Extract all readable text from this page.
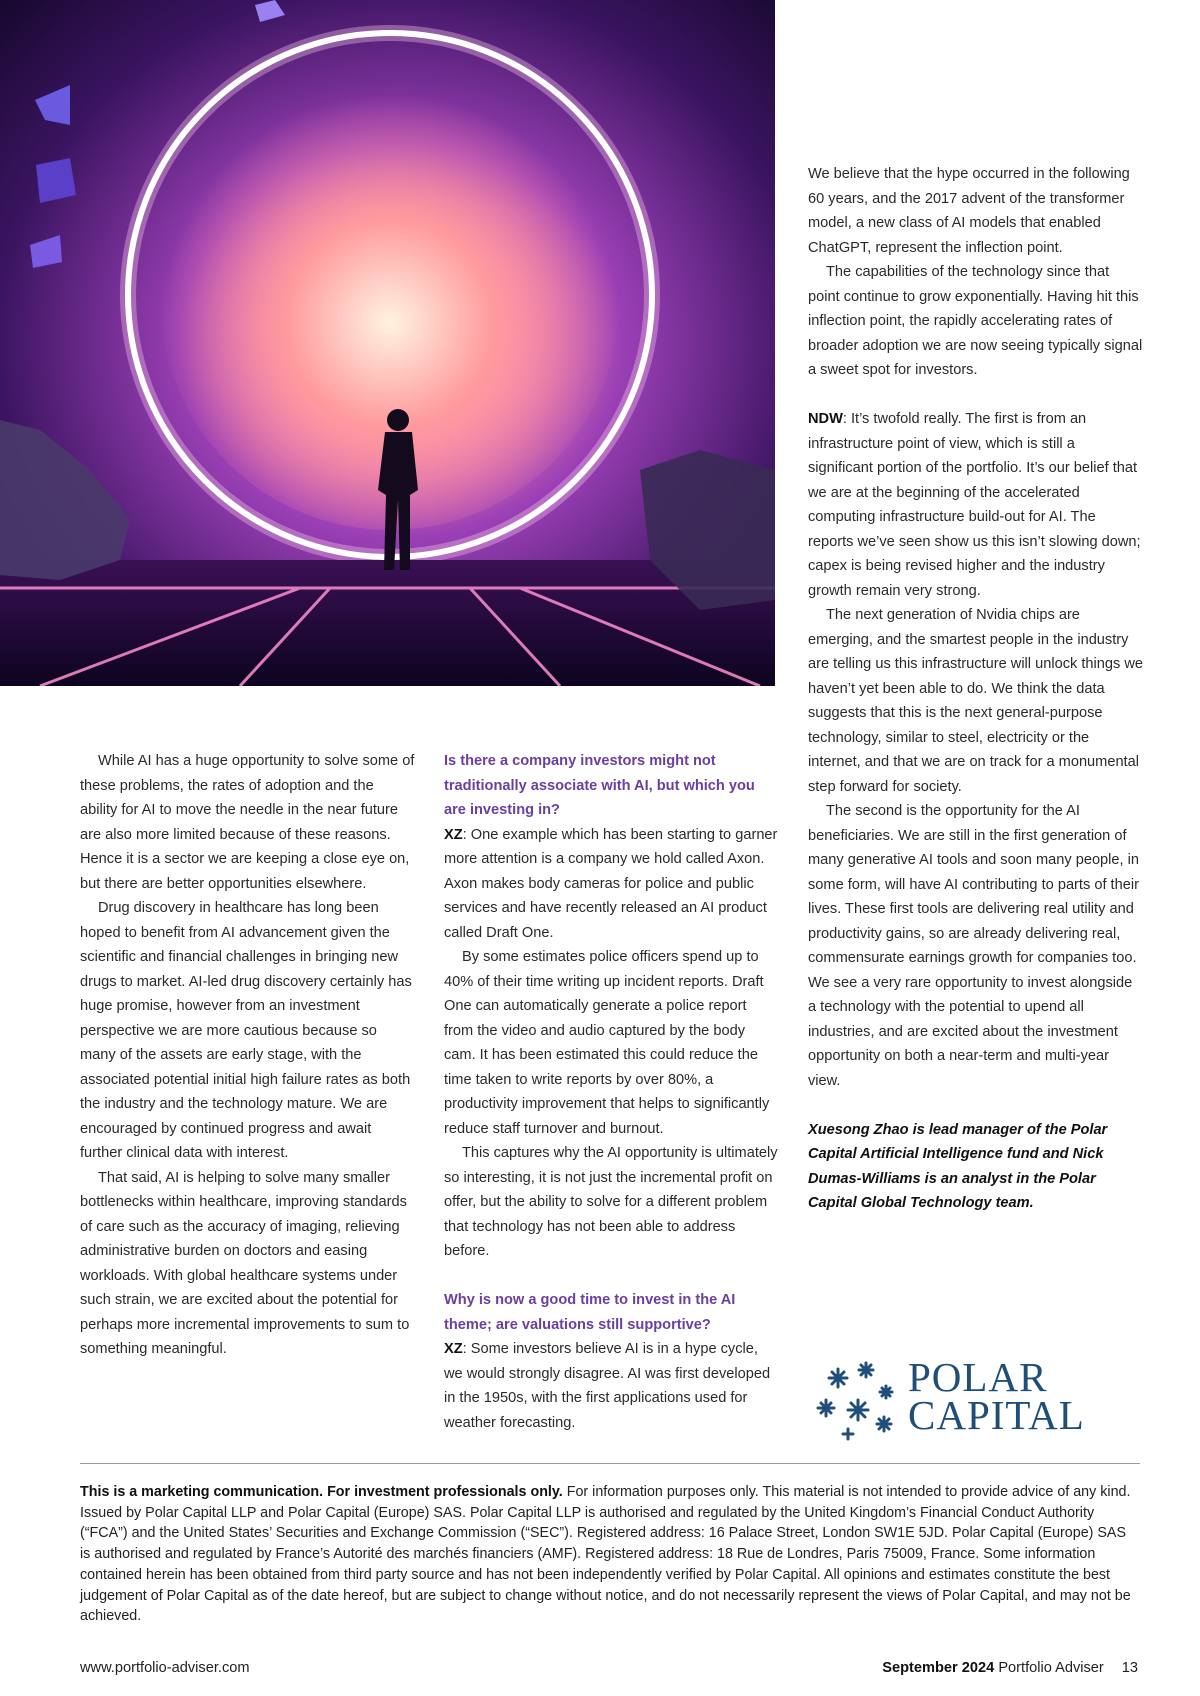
While AI has a huge opportunity to solve some of these problems, the rates of adoption and the ability for AI to move the needle in the near future are also more limited because of these reasons. Hence it is a sector we are keeping a close eye on, but there are better opportunities elsewhere.

Drug discovery in healthcare has long been hoped to benefit from AI advancement given the scientific and financial challenges in bringing new drugs to market. AI-led drug discovery certainly has huge promise, however from an investment perspective we are more cautious because so many of the assets are early stage, with the associated potential initial high failure rates as both the industry and the technology mature. We are encouraged by continued progress and await further clinical data with interest.

That said, AI is helping to solve many smaller bottlenecks within healthcare, improving standards of care such as the accuracy of imaging, relieving administrative burden on doctors and easing workloads. With global healthcare systems under such strain, we are excited about the potential for perhaps more incremental improvements to sum to something meaningful.

Is there a company investors might not traditionally associate with AI, but which you are investing in?

XZ: One example which has been starting to garner more attention is a company we hold called Axon. Axon makes body cameras for police and public services and have recently released an AI product called Draft One.

By some estimates police officers spend up to 40% of their time writing up incident reports. Draft One can automatically generate a police report from the video and audio captured by the body cam. It has been estimated this could reduce the time taken to write reports by over 80%, a productivity improvement that helps to significantly reduce staff turnover and burnout.

This captures why the AI opportunity is ultimately so interesting, it is not just the incremental profit on offer, but the ability to solve for a different problem that technology has not been able to address before.

Why is now a good time to invest in the AI theme; are valuations still supportive?

XZ: Some investors believe AI is in a hype cycle, we would strongly disagree. AI was first developed in the 1950s, with the first applications used for weather forecasting.

We believe that the hype occurred in the following 60 years, and the 2017 advent of the transformer model, a new class of AI models that enabled ChatGPT, represent the inflection point.

The capabilities of the technology since that point continue to grow exponentially. Having hit this inflection point, the rapidly accelerating rates of broader adoption we are now seeing typically signal a sweet spot for investors.

NDW: It’s twofold really. The first is from an infrastructure point of view, which is still a significant portion of the portfolio. It’s our belief that we are at the beginning of the accelerated computing infrastructure build-out for AI. The reports we’ve seen show us this isn’t slowing down; capex is being revised higher and the industry growth remain very strong.

The next generation of Nvidia chips are emerging, and the smartest people in the industry are telling us this infrastructure will unlock things we haven’t yet been able to do. We think the data suggests that this is the next general-purpose technology, similar to steel, electricity or the internet, and that we are on track for a monumental step forward for society.

The second is the opportunity for the AI beneficiaries. We are still in the first generation of many generative AI tools and soon many people, in some form, will have AI contributing to parts of their lives. These first tools are delivering real utility and productivity gains, so are already delivering real, commensurate earnings growth for companies too. We see a very rare opportunity to invest alongside a technology with the potential to upend all industries, and are excited about the investment opportunity on both a near-term and multi-year view.

Xuesong Zhao is lead manager of the Polar Capital Artificial Intelligence fund and Nick Dumas-Williams is an analyst in the Polar Capital Global Technology team.

POLAR
CAPITAL
This is a marketing communication. For investment professionals only. For information purposes only. This material is not intended to provide advice of any kind. Issued by Polar Capital LLP and Polar Capital (Europe) SAS. Polar Capital LLP is authorised and regulated by the United Kingdom’s Financial Conduct Authority (“FCA”) and the United States’ Securities and Exchange Commission (“SEC”). Registered address: 16 Palace Street, London SW1E 5JD. Polar Capital (Europe) SAS is authorised and regulated by France’s Autorité des marchés financiers (AMF). Registered address: 18 Rue de Londres, Paris 75009, France. Some information contained herein has been obtained from third party source and has not been independently verified by Polar Capital. All opinions and estimates constitute the best judgement of Polar Capital as of the date hereof, but are subject to change without notice, and do not necessarily represent the views of Polar Capital, and may not be achieved.
www.portfolio-adviser.com	September 2024 Portfolio Adviser 13
